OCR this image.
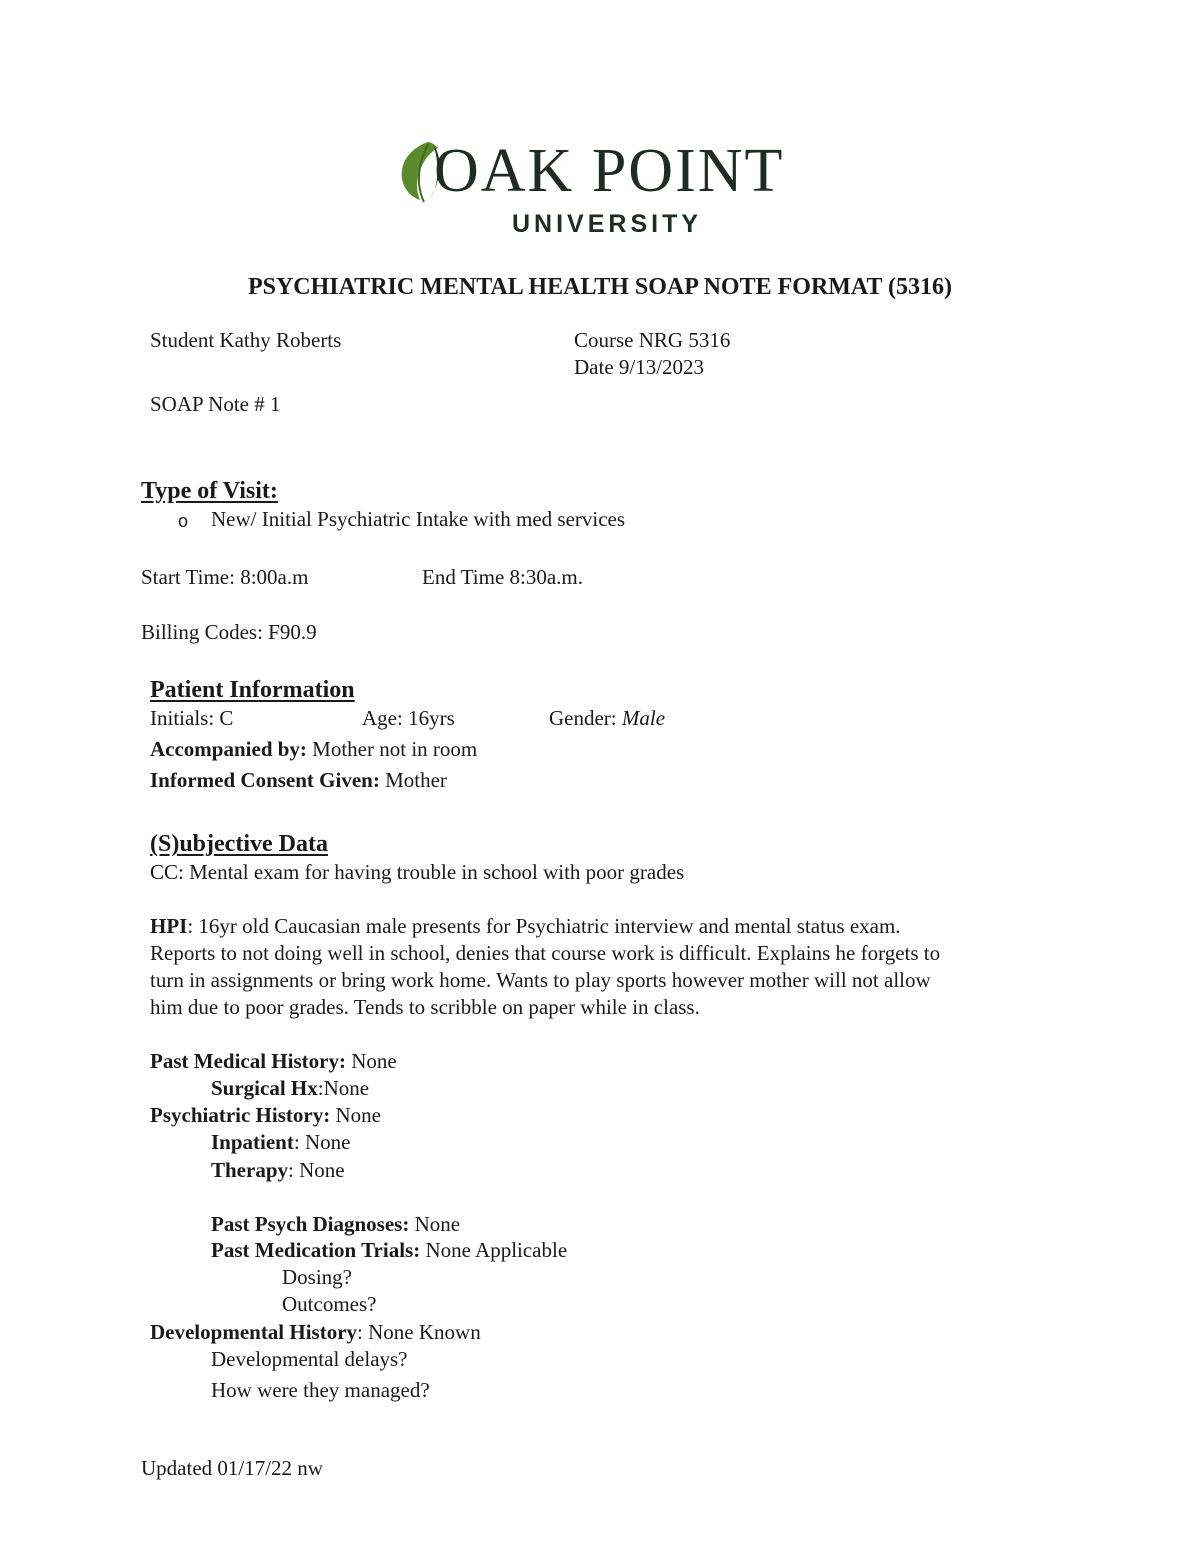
OAK POINT
UNIVERSITY
PSYCHIATRIC MENTAL HEALTH SOAP NOTE FORMAT (5316)
Student Kathy Roberts	Course NRG 5316
Date 9/13/2023
SOAP Note # 1
Type of Visit:
o New/ Initial Psychiatric Intake with med services
Start Time: 8:00a.m	End Time 8:30a.m.
Billing Codes: F90.9
Patient Information
Initials: C	Age: 16yrs	Gender: Male
Accompanied by: Mother not in room
Informed Consent Given: Mother
(S)ubjective Data
CC: Mental exam for having trouble in school with poor grades
HPI: 16yr old Caucasian male presents for Psychiatric interview and mental status exam.
Reports to not doing well in school, denies that course work is difficult. Explains he forgets to
turn in assignments or bring work home. Wants to play sports however mother will not allow
him due to poor grades. Tends to scribble on paper while in class.
Past Medical History: None
Surgical Hx:None
Psychiatric History: None
Inpatient: None
Therapy: None
Past Psych Diagnoses: None
Past Medication Trials: None Applicable
Dosing?
Outcomes?
Developmental History: None Known
Developmental delays?
How were they managed?
Updated 01/17/22 nw
